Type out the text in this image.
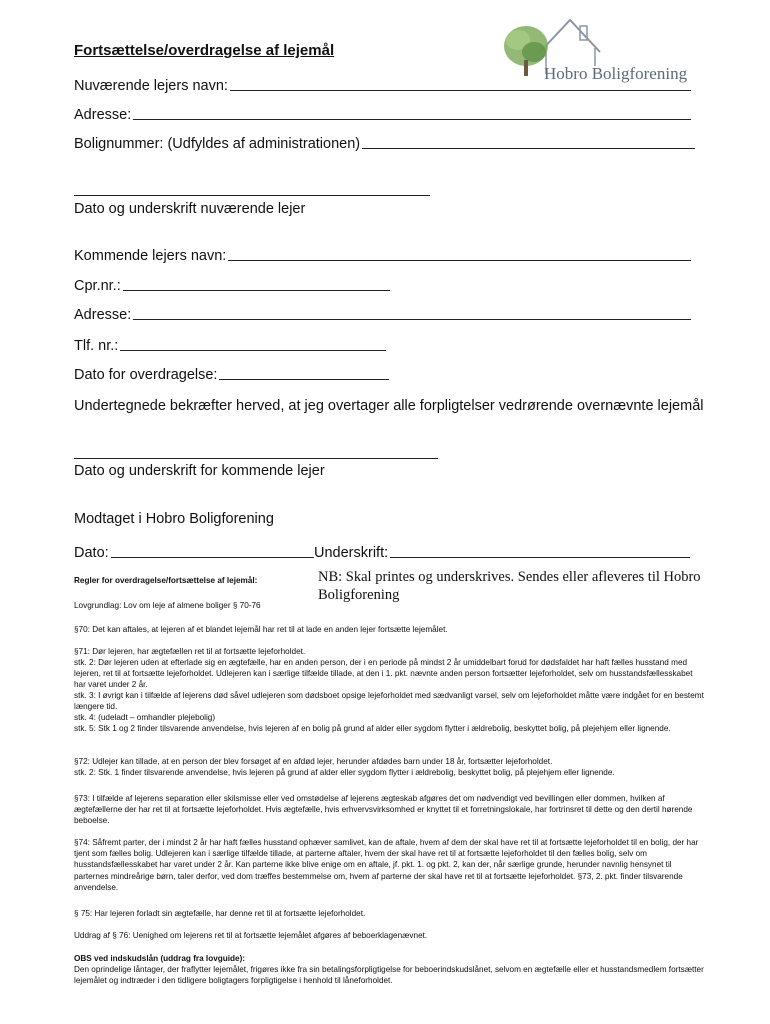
Hobro Boligforening
Fortsættelse/overdragelse af lejemål
Nuværende lejers navn:
Adresse:
Bolignummer: (Udfyldes af administrationen)
Dato og underskrift nuværende lejer
Kommende lejers navn:
Cpr.nr.:
Adresse:
Tlf. nr.:
Dato for overdragelse:
Undertegnede bekræfter herved, at jeg overtager alle forpligtelser vedrørende overnævnte lejemål
Dato og underskrift for kommende lejer
Modtaget i Hobro Boligforening
Dato:	Underskrift:
Regler for overdragelse/fortsættelse af lejemål:
Lovgrundlag: Lov om leje af almene boliger § 70-76
NB: Skal printes og underskrives. Sendes eller afleveres til Hobro Boligforening
§70: Det kan aftales, at lejeren af et blandet lejemål har ret til at lade en anden lejer fortsætte lejemålet.
§71: Dør lejeren, har ægtefællen ret til at fortsætte lejeforholdet.
stk. 2: Dør lejeren uden at efterlade sig en ægtefælle, har en anden person, der i en periode på mindst 2 år umiddelbart forud for dødsfaldet har haft fælles husstand med lejeren, ret til at fortsætte lejeforholdet. Udlejeren kan i særlige tilfælde tillade, at den i 1. pkt. nævnte anden person fortsætter lejeforholdet, selv om husstandsfællesskabet har varet under 2 år.
stk. 3: I øvrigt kan i tilfælde af lejerens død såvel udlejeren som dødsboet opsige lejeforholdet med sædvanligt varsel, selv om lejeforholdet måtte være indgået for en bestemt længere tid.
stk. 4: (udeladt – omhandler plejebolig)
stk. 5: Stk 1 og 2 finder tilsvarende anvendelse, hvis lejeren af en bolig på grund af alder eller sygdom flytter i ældrebolig, beskyttet bolig, på plejehjem eller lignende.
§72: Udlejer kan tillade, at en person der blev forsøget af en afdød lejer, herunder afdødes barn under 18 år, fortsætter lejeforholdet.
stk. 2: Stk. 1 finder tilsvarende anvendelse, hvis lejeren på grund af alder eller sygdom flytter i ældrebolig, beskyttet bolig, på plejehjem eller lignende.
§73: I tilfælde af lejerens separation eller skilsmisse eller ved omstødelse af lejerens ægteskab afgøres det om nødvendigt ved bevillingen eller dommen, hvilken af ægtefællerne der har ret til at fortsætte lejeforholdet. Hvis ægtefælle, hvis erhvervsvirksomhed er knyttet til et forretningslokale, har fortrinsret til dette og den dertil hørende beboelse.
§74: Såfremt parter, der i mindst 2 år har haft fælles husstand ophæver samlivet, kan de aftale, hvem af dem der skal have ret til at fortsætte lejeforholdet til en bolig, der har tjent som fælles bolig. Udlejeren kan i særlige tilfælde tillade, at parterne aftaler, hvem der skal have ret til at fortsætte lejeforholdet til den fælles bolig, selv om husstandsfællesskabet har varet under 2 år. Kan parterne ikke blive enige om en aftale, jf. pkt. 1. og pkt. 2, kan der, når særlige grunde, herunder navnlig hensynet til parternes mindreårige børn, taler derfor, ved dom træffes bestemmelse om, hvem af parterne der skal have ret til at fortsætte lejeforholdet. §73, 2. pkt. finder tilsvarende anvendelse.
§ 75: Har lejeren forladt sin ægtefælle, har denne ret til at fortsætte lejeforholdet.
Uddrag af § 76: Uenighed om lejerens ret til at fortsætte lejemålet afgøres af beboerklagenævnet.
OBS ved indskudslån (uddrag fra lovguide):
Den oprindelige låntager, der fraflytter lejemålet, frigøres ikke fra sin betalingsforpligtigelse for beboerindskudslånet, selvom en ægtefælle eller et husstandsmedlem fortsætter lejemålet og indtræder i den tidligere boligtagers forpligtigelse i henhold til låneforholdet.
